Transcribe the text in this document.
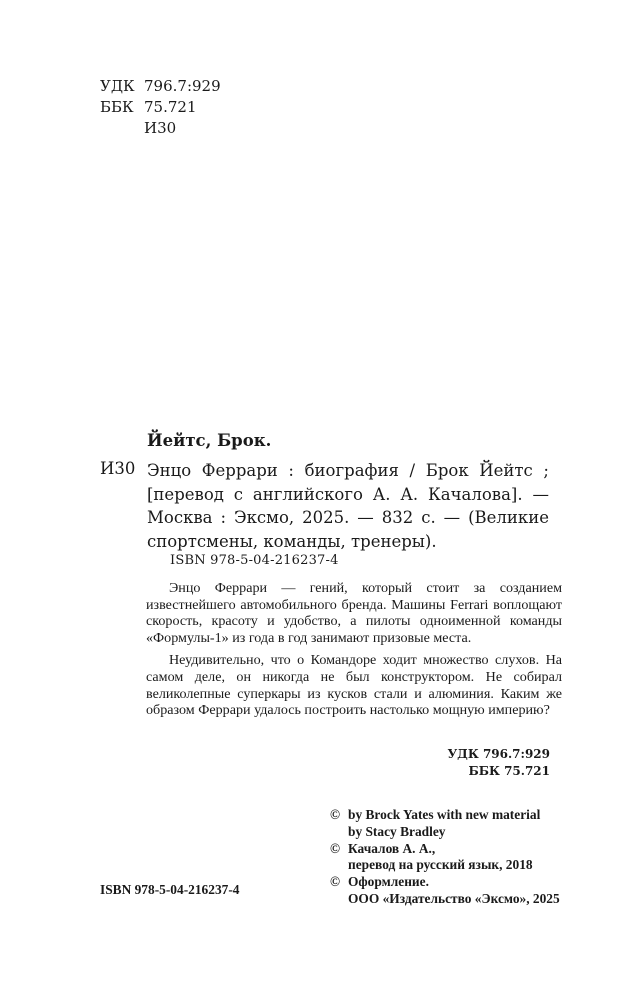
УДК 796.7:929
ББК 75.721
И30
Йейтс, Брок.
И30 Энцо Феррари : биография / Брок Йейтс ; [перевод с английского А. А. Качалова]. — Москва : Эксмо, 2025. — 832 с. — (Великие спортсмены, команды, тренеры).
ISBN 978-5-04-216237-4

Энцо Феррари — гений, который стоит за созданием известнейшего автомобильного бренда. Машины Ferrari воплощают скорость, красоту и удобство, а пилоты одноименной команды «Формулы-1» из года в год занимают призовые места.

Неудивительно, что о Командоре ходит множество слухов. На самом деле, он никогда не был конструктором. Не собирал великолепные суперкары из кусков стали и алюминия. Каким же образом Феррари удалось построить настолько мощную империю?

УДК 796.7:929
ББК 75.721
© by Brock Yates with new material
by Stacy Bradley
© Качалов А. А.,
перевод на русский язык, 2018
© Оформление.
ООО «Издательство «Эксмо», 2025
ISBN 978-5-04-216237-4
